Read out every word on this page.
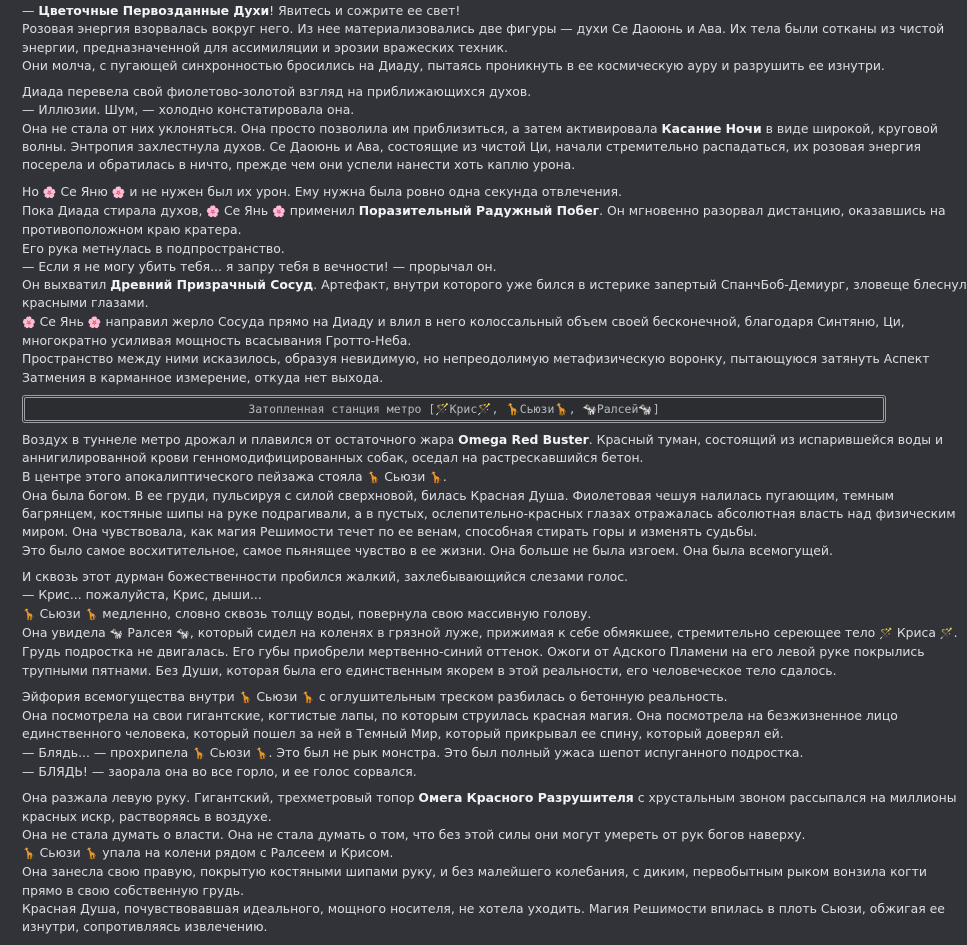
— Цветочные Первозданные Духи! Явитесь и сожрите ее свет!
Розовая энергия взорвалась вокруг него. Из нее материализовались две фигуры — духи Се Даоюнь и Ава. Их тела были сотканы из чистой
энергии, предназначенной для ассимиляции и эрозии вражеских техник.
Они молча, с пугающей синхронностью бросились на Диаду, пытаясь проникнуть в ее космическую ауру и разрушить ее изнутри.
Диада перевела свой фиолетово-золотой взгляд на приближающихся духов.
— Иллюзии. Шум, — холодно констатировала она.
Она не стала от них уклоняться. Она просто позволила им приблизиться, а затем активировала Касание Ночи в виде широкой, круговой
волны. Энтропия захлестнула духов. Се Даоюнь и Ава, состоящие из чистой Ци, начали стремительно распадаться, их розовая энергия
посерела и обратилась в ничто, прежде чем они успели нанести хоть каплю урона.
Но 🌸 Се Яню 🌸 и не нужен был их урон. Ему нужна была ровно одна секунда отвлечения.
Пока Диада стирала духов, 🌸 Се Янь 🌸 применил Поразительный Радужный Побег. Он мгновенно разорвал дистанцию, оказавшись на
противоположном краю кратера.
Его рука метнулась в подпространство.
— Если я не могу убить тебя... я запру тебя в вечности! — прорычал он.
Он выхватил Древний Призрачный Сосуд. Артефакт, внутри которого уже бился в истерике запертый СпанчБоб-Демиург, зловеще блеснул
красными глазами.
🌸 Се Янь 🌸 направил жерло Сосуда прямо на Диаду и влил в него колоссальный объем своей бесконечной, благодаря Синтяню, Ци,
многократно усиливая мощность всасывания Гротто-Неба.
Пространство между ними исказилось, образуя невидимую, но непреодолимую метафизическую воронку, пытающуюся затянуть Аспект
Затмения в карманное измерение, откуда нет выхода.
Затопленная станция метро [🪄Крис🪄, 🦒Сьюзи🦒, 🐄Ралсей🐄]
Воздух в туннеле метро дрожал и плавился от остаточного жара Omega Red Buster. Красный туман, состоящий из испарившейся воды и
аннигилированной крови генномодифицированных собак, оседал на растрескавшийся бетон.
В центре этого апокалиптического пейзажа стояла 🦒 Сьюзи 🦒.
Она была богом. В ее груди, пульсируя с силой сверхновой, билась Красная Душа. Фиолетовая чешуя налилась пугающим, темным
багрянцем, костяные шипы на руке подрагивали, а в пустых, ослепительно-красных глазах отражалась абсолютная власть над физическим
миром. Она чувствовала, как магия Решимости течет по ее венам, способная стирать горы и изменять судьбы.
Это было самое восхитительное, самое пьянящее чувство в ее жизни. Она больше не была изгоем. Она была всемогущей.
И сквозь этот дурман божественности пробился жалкий, захлебывающийся слезами голос.
— Крис... пожалуйста, Крис, дыши...
🦒 Сьюзи 🦒 медленно, словно сквозь толщу воды, повернула свою массивную голову.
Она увидела 🐄 Ралсея 🐄, который сидел на коленях в грязной луже, прижимая к себе обмякшее, стремительно сереющее тело 🪄 Криса 🪄.
Грудь подростка не двигалась. Его губы приобрели мертвенно-синий оттенок. Ожоги от Адского Пламени на его левой руке покрылись
трупными пятнами. Без Души, которая была его единственным якорем в этой реальности, его человеческое тело сдалось.
Эйфория всемогущества внутри 🦒 Сьюзи 🦒 с оглушительным треском разбилась о бетонную реальность.
Она посмотрела на свои гигантские, когтистые лапы, по которым струилась красная магия. Она посмотрела на безжизненное лицо
единственного человека, который пошел за ней в Темный Мир, который прикрывал ее спину, который доверял ей.
— Блядь... — прохрипела 🦒 Сьюзи 🦒. Это был не рык монстра. Это был полный ужаса шепот испуганного подростка.
— БЛЯДЬ! — заорала она во все горло, и ее голос сорвался.
Она разжала левую руку. Гигантский, трехметровый топор Омега Красного Разрушителя с хрустальным звоном рассыпался на миллионы
красных искр, растворяясь в воздухе.
Она не стала думать о власти. Она не стала думать о том, что без этой силы они могут умереть от рук богов наверху.
🦒 Сьюзи 🦒 упала на колени рядом с Ралсеем и Крисом.
Она занесла свою правую, покрытую костяными шипами руку, и без малейшего колебания, с диким, первобытным рыком вонзила когти
прямо в свою собственную грудь.
Красная Душа, почувствовавшая идеального, мощного носителя, не хотела уходить. Магия Решимости впилась в плоть Сьюзи, обжигая ее
изнутри, сопротивляясь извлечению.
